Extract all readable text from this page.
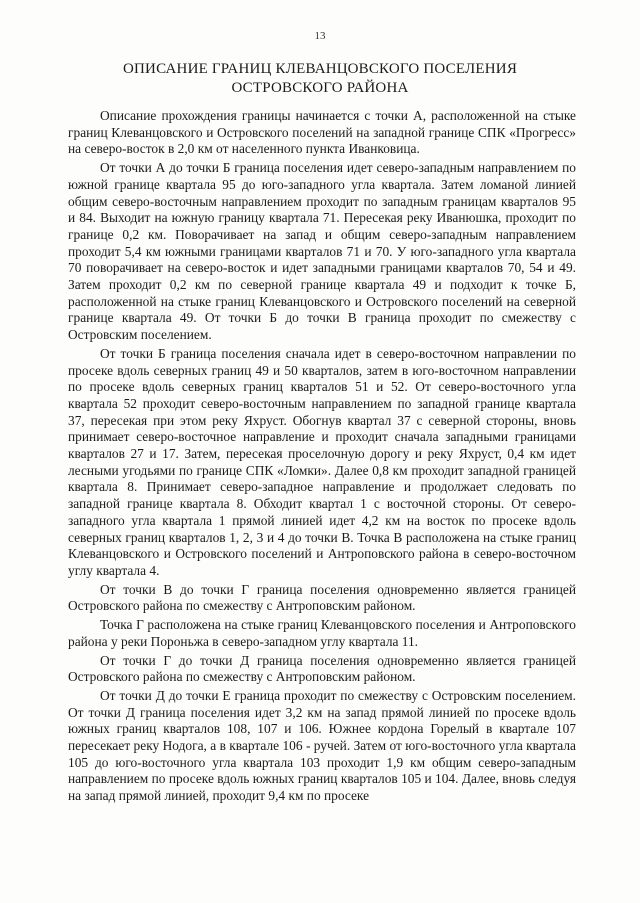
13
ОПИСАНИЕ ГРАНИЦ КЛЕВАНЦОВСКОГО ПОСЕЛЕНИЯ
ОСТРОВСКОГО РАЙОНА

Описание прохождения границы начинается с точки А, расположенной на стыке границ Клеванцовского и Островского поселений на западной границе СПК «Прогресс» на северо-восток в 2,0 км от населенного пункта Иванковица.

От точки А до точки Б граница поселения идет северо-западным направлением по южной границе квартала 95 до юго-западного угла квартала. Затем ломаной линией общим северо-восточным направлением проходит по западным границам кварталов 95 и 84. Выходит на южную границу квартала 71. Пересекая реку Иванюшка, проходит по границе 0,2 км. Поворачивает на запад и общим северо-западным направлением проходит 5,4 км южными границами кварталов 71 и 70. У юго-западного угла квартала 70 поворачивает на северо-восток и идет западными границами кварталов 70, 54 и 49. Затем проходит 0,2 км по северной границе квартала 49 и подходит к точке Б, расположенной на стыке границ Клеванцовского и Островского поселений на северной границе квартала 49. От точки Б до точки В граница проходит по смежеству с Островским поселением.

От точки Б граница поселения сначала идет в северо-восточном направлении по просеке вдоль северных границ 49 и 50 кварталов, затем в юго-восточном направлении по просеке вдоль северных границ кварталов 51 и 52. От северо-восточного угла квартала 52 проходит северо-восточным направлением по западной границе квартала 37, пересекая при этом реку Яхруст. Обогнув квартал 37 с северной стороны, вновь принимает северо-восточное направление и проходит сначала западными границами кварталов 27 и 17. Затем, пересекая проселочную дорогу и реку Яхруст, 0,4 км идет лесными угодьями по границе СПК «Ломки». Далее 0,8 км проходит западной границей квартала 8. Принимает северо-западное направление и продолжает следовать по западной границе квартала 8. Обходит квартал 1 с восточной стороны. От северо-западного угла квартала 1 прямой линией идет 4,2 км на восток по просеке вдоль северных границ кварталов 1, 2, 3 и 4 до точки В. Точка В расположена на стыке границ Клеванцовского и Островского поселений и Антроповского района в северо-восточном углу квартала 4.

От точки В до точки Г граница поселения одновременно является границей Островского района по смежеству с Антроповским районом.

Точка Г расположена на стыке границ Клеванцовского поселения и Антроповского района у реки Пороньжа в северо-западном углу квартала 11.

От точки Г до точки Д граница поселения одновременно является границей Островского района по смежеству с Антроповским районом.

От точки Д до точки Е граница проходит по смежеству с Островским поселением. От точки Д граница поселения идет 3,2 км на запад прямой линией по просеке вдоль южных границ кварталов 108, 107 и 106. Южнее кордона Горелый в квартале 107 пересекает реку Нодога, а в квартале 106 - ручей. Затем от юго-восточного угла квартала 105 до юго-восточного угла квартала 103 проходит 1,9 км общим северо-западным направлением по просеке вдоль южных границ кварталов 105 и 104. Далее, вновь следуя на запад прямой линией, проходит 9,4 км по просеке
